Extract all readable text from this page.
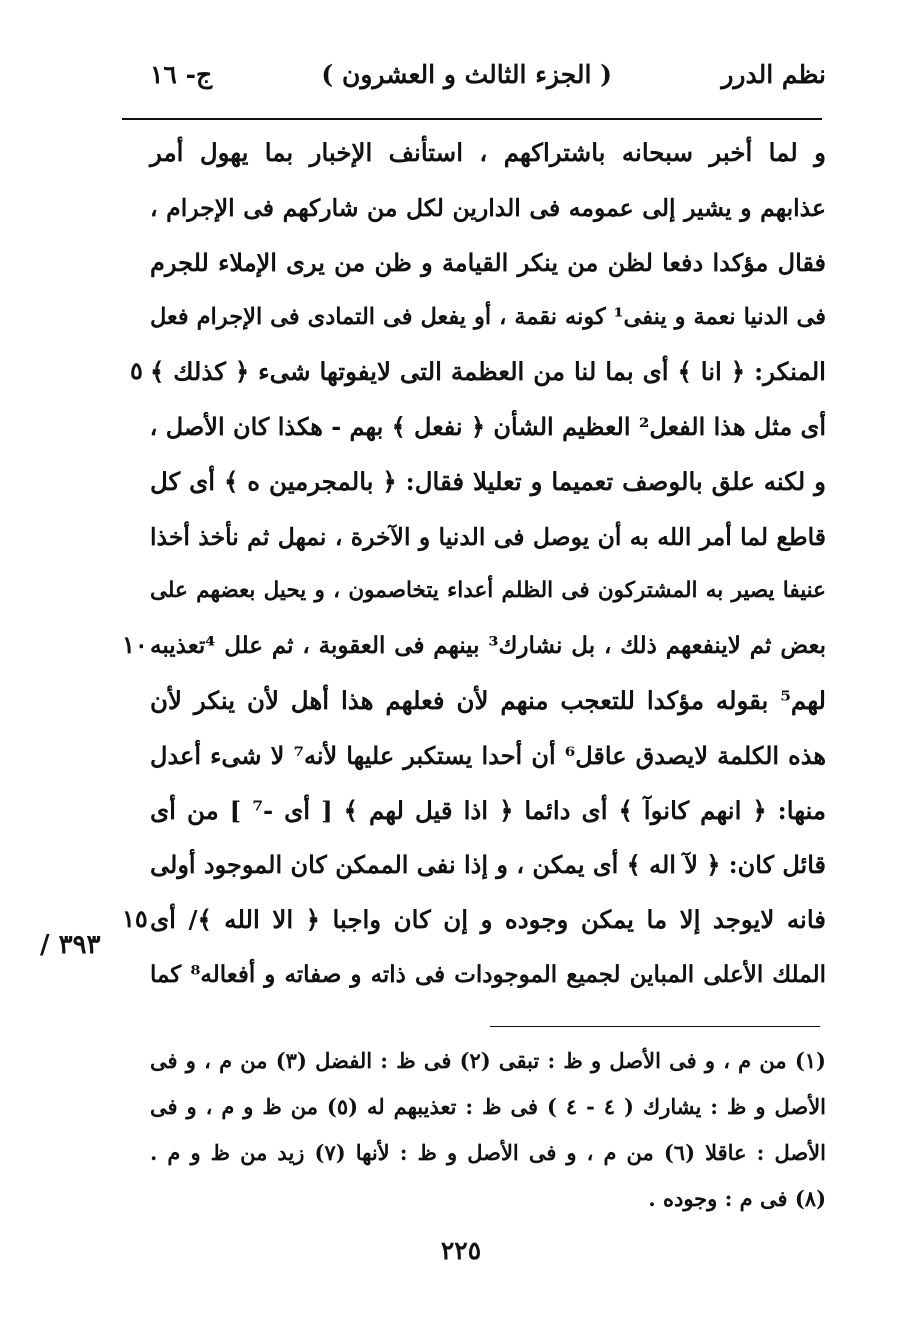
ج- ١٦	( الجزء الثالث و العشرون )	نظم الدرر
و لما أخبر سبحانه باشتراكهم ، استأنف الإخبار بما يهول أمر
عذابهم و يشير إلى عمومه فى الدارين لكل من شاركهم فى الإجرام ،
فقال مؤكدا دفعا لظن من ينكر القيامة و ظن من يرى الإملاء للجرم
فى الدنيا نعمة و ينفى¹ كونه نقمة ، أو يفعل فى التمادى فى الإجرام فعل
المنكر: ﴿ انا ﴾ أى بما لنا من العظمة التى لايفوتها شىء ﴿ كذلك ﴾
أى مثل هذا الفعل² العظيم الشأن ﴿ نفعل ﴾ بهم - هكذا كان الأصل ،
و لكنه علق بالوصف تعميما و تعليلا فقال: ﴿ بالمجرمين ه ﴾ أى كل
قاطع لما أمر الله به أن يوصل فى الدنيا و الآخرة ، نمهل ثم نأخذ أخذا
عنيفا يصير به المشتركون فى الظلم أعداء يتخاصمون ، و يحيل بعضهم على
بعض ثم لاينفعهم ذلك ، بل نشارك³ بينهم فى العقوبة ، ثم علل ⁴تعذيبه
لهم⁵ بقوله مؤكدا للتعجب منهم لأن فعلهم هذا أهل لأن ينكر لأن
هذه الكلمة لايصدق عاقل⁶ أن أحدا يستكبر عليها لأنه⁷ لا شىء أعدل
منها: ﴿ انهم كانوآ ﴾ أى دائما ﴿ اذا قيل لهم ﴾ [ أى -⁷ ] من أى
قائل كان: ﴿ لآ اله ﴾ أى يمكن ، و إذا نفى الممكن كان الموجود أولى
فانه لايوجد إلا ما يمكن وجوده و إن كان واجبا ﴿ الا الله ﴾/ أى
الملك الأعلى المباين لجميع الموجودات فى ذاته و صفاته و أفعاله⁸ كما
٥
١٠
١٥
٣٩٣ /
(١) من م ، و فى الأصل و ظ : تبقى (٢) فى ظ : الفضل (٣) من م ، و فى
الأصل و ظ : يشارك ( ٤ - ٤ ) فى ظ : تعذيبهم له (٥) من ظ و م ، و فى
الأصل : عاقلا (٦) من م ، و فى الأصل و ظ : لأنها (٧) زيد من ظ و م .
(٨) فى م : وجوده .
٢٢٥
